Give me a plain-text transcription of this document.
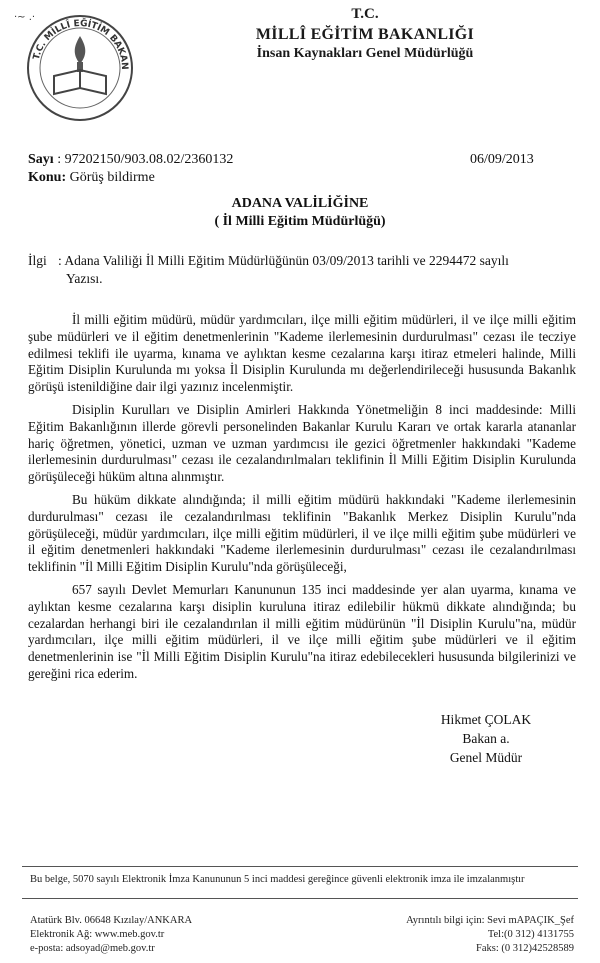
T.C. MİLLÎ EĞİTİM BAKAN
·~ .·	T.C.
MİLLÎ EĞİTİM BAKANLIĞI
İnsan Kaynakları Genel Müdürlüğü
Sayı : 97202150/903.08.02/2360132	06/09/2013
Konu: Görüş bildirme
ADANA VALİLİĞİNE
( İl Milli Eğitim Müdürlüğü)
İlgi : Adana Valiliği İl Milli Eğitim Müdürlüğünün 03/09/2013 tarihli ve 2294472 sayılı
Yazısı.

İl milli eğitim müdürü, müdür yardımcıları, ilçe milli eğitim müdürleri, il ve ilçe milli eğitim şube müdürleri ve il eğitim denetmenlerinin "Kademe ilerlemesinin durdurulması" cezası ile tecziye edilmesi teklifi ile uyarma, kınama ve aylıktan kesme cezalarına karşı itiraz etmeleri halinde, Milli Eğitim Disiplin Kurulunda mı yoksa İl Disiplin Kurulunda mı değerlendirileceği hususunda Bakanlık görüşü istenildiğine dair ilgi yazınız incelenmiştir.

Disiplin Kurulları ve Disiplin Amirleri Hakkında Yönetmeliğin 8 inci maddesinde: Milli Eğitim Bakanlığının illerde görevli personelinden Bakanlar Kurulu Kararı ve ortak kararla atananlar hariç öğretmen, yönetici, uzman ve uzman yardımcısı ile gezici öğretmenler hakkındaki "Kademe ilerlemesinin durdurulması" cezası ile cezalandırılmaları teklifinin İl Milli Eğitim Disiplin Kurulunda görüşüleceği hüküm altına alınmıştır.

Bu hüküm dikkate alındığında; il milli eğitim müdürü hakkındaki "Kademe ilerlemesinin durdurulması" cezası ile cezalandırılması teklifinin "Bakanlık Merkez Disiplin Kurulu"nda görüşüleceği, müdür yardımcıları, ilçe milli eğitim müdürleri, il ve ilçe milli eğitim şube müdürleri ve il eğitim denetmenleri hakkındaki "Kademe ilerlemesinin durdurulması" cezası ile cezalandırılması teklifinin "İl Milli Eğitim Disiplin Kurulu"nda görüşüleceği,

657 sayılı Devlet Memurları Kanununun 135 inci maddesinde yer alan uyarma, kınama ve aylıktan kesme cezalarına karşı disiplin kuruluna itiraz edilebilir hükmü dikkate alındığında; bu cezalardan herhangi biri ile cezalandırılan il milli eğitim müdürünün "İl Disiplin Kurulu"na, müdür yardımcıları, ilçe milli eğitim müdürleri, il ve ilçe milli eğitim şube müdürleri ve il eğitim denetmenlerinin ise "İl Milli Eğitim Disiplin Kurulu"na itiraz edebilecekleri hususunda bilgilerinizi ve gereğini rica ederim.

Hikmet ÇOLAK
Bakan a.
Genel Müdür
Bu belge, 5070 sayılı Elektronik İmza Kanununun 5 inci maddesi gereğince güvenli elektronik imza ile imzalanmıştır
Atatürk Blv. 06648 Kızılay/ANKARA
Elektronik Ağ: www.meb.gov.tr
e-posta: adsoyad@meb.gov.tr
Ayrıntılı bilgi için: Sevi mAPAÇIK_Şef
Tel:(0 312) 4131755
Faks: (0 312)42528589
